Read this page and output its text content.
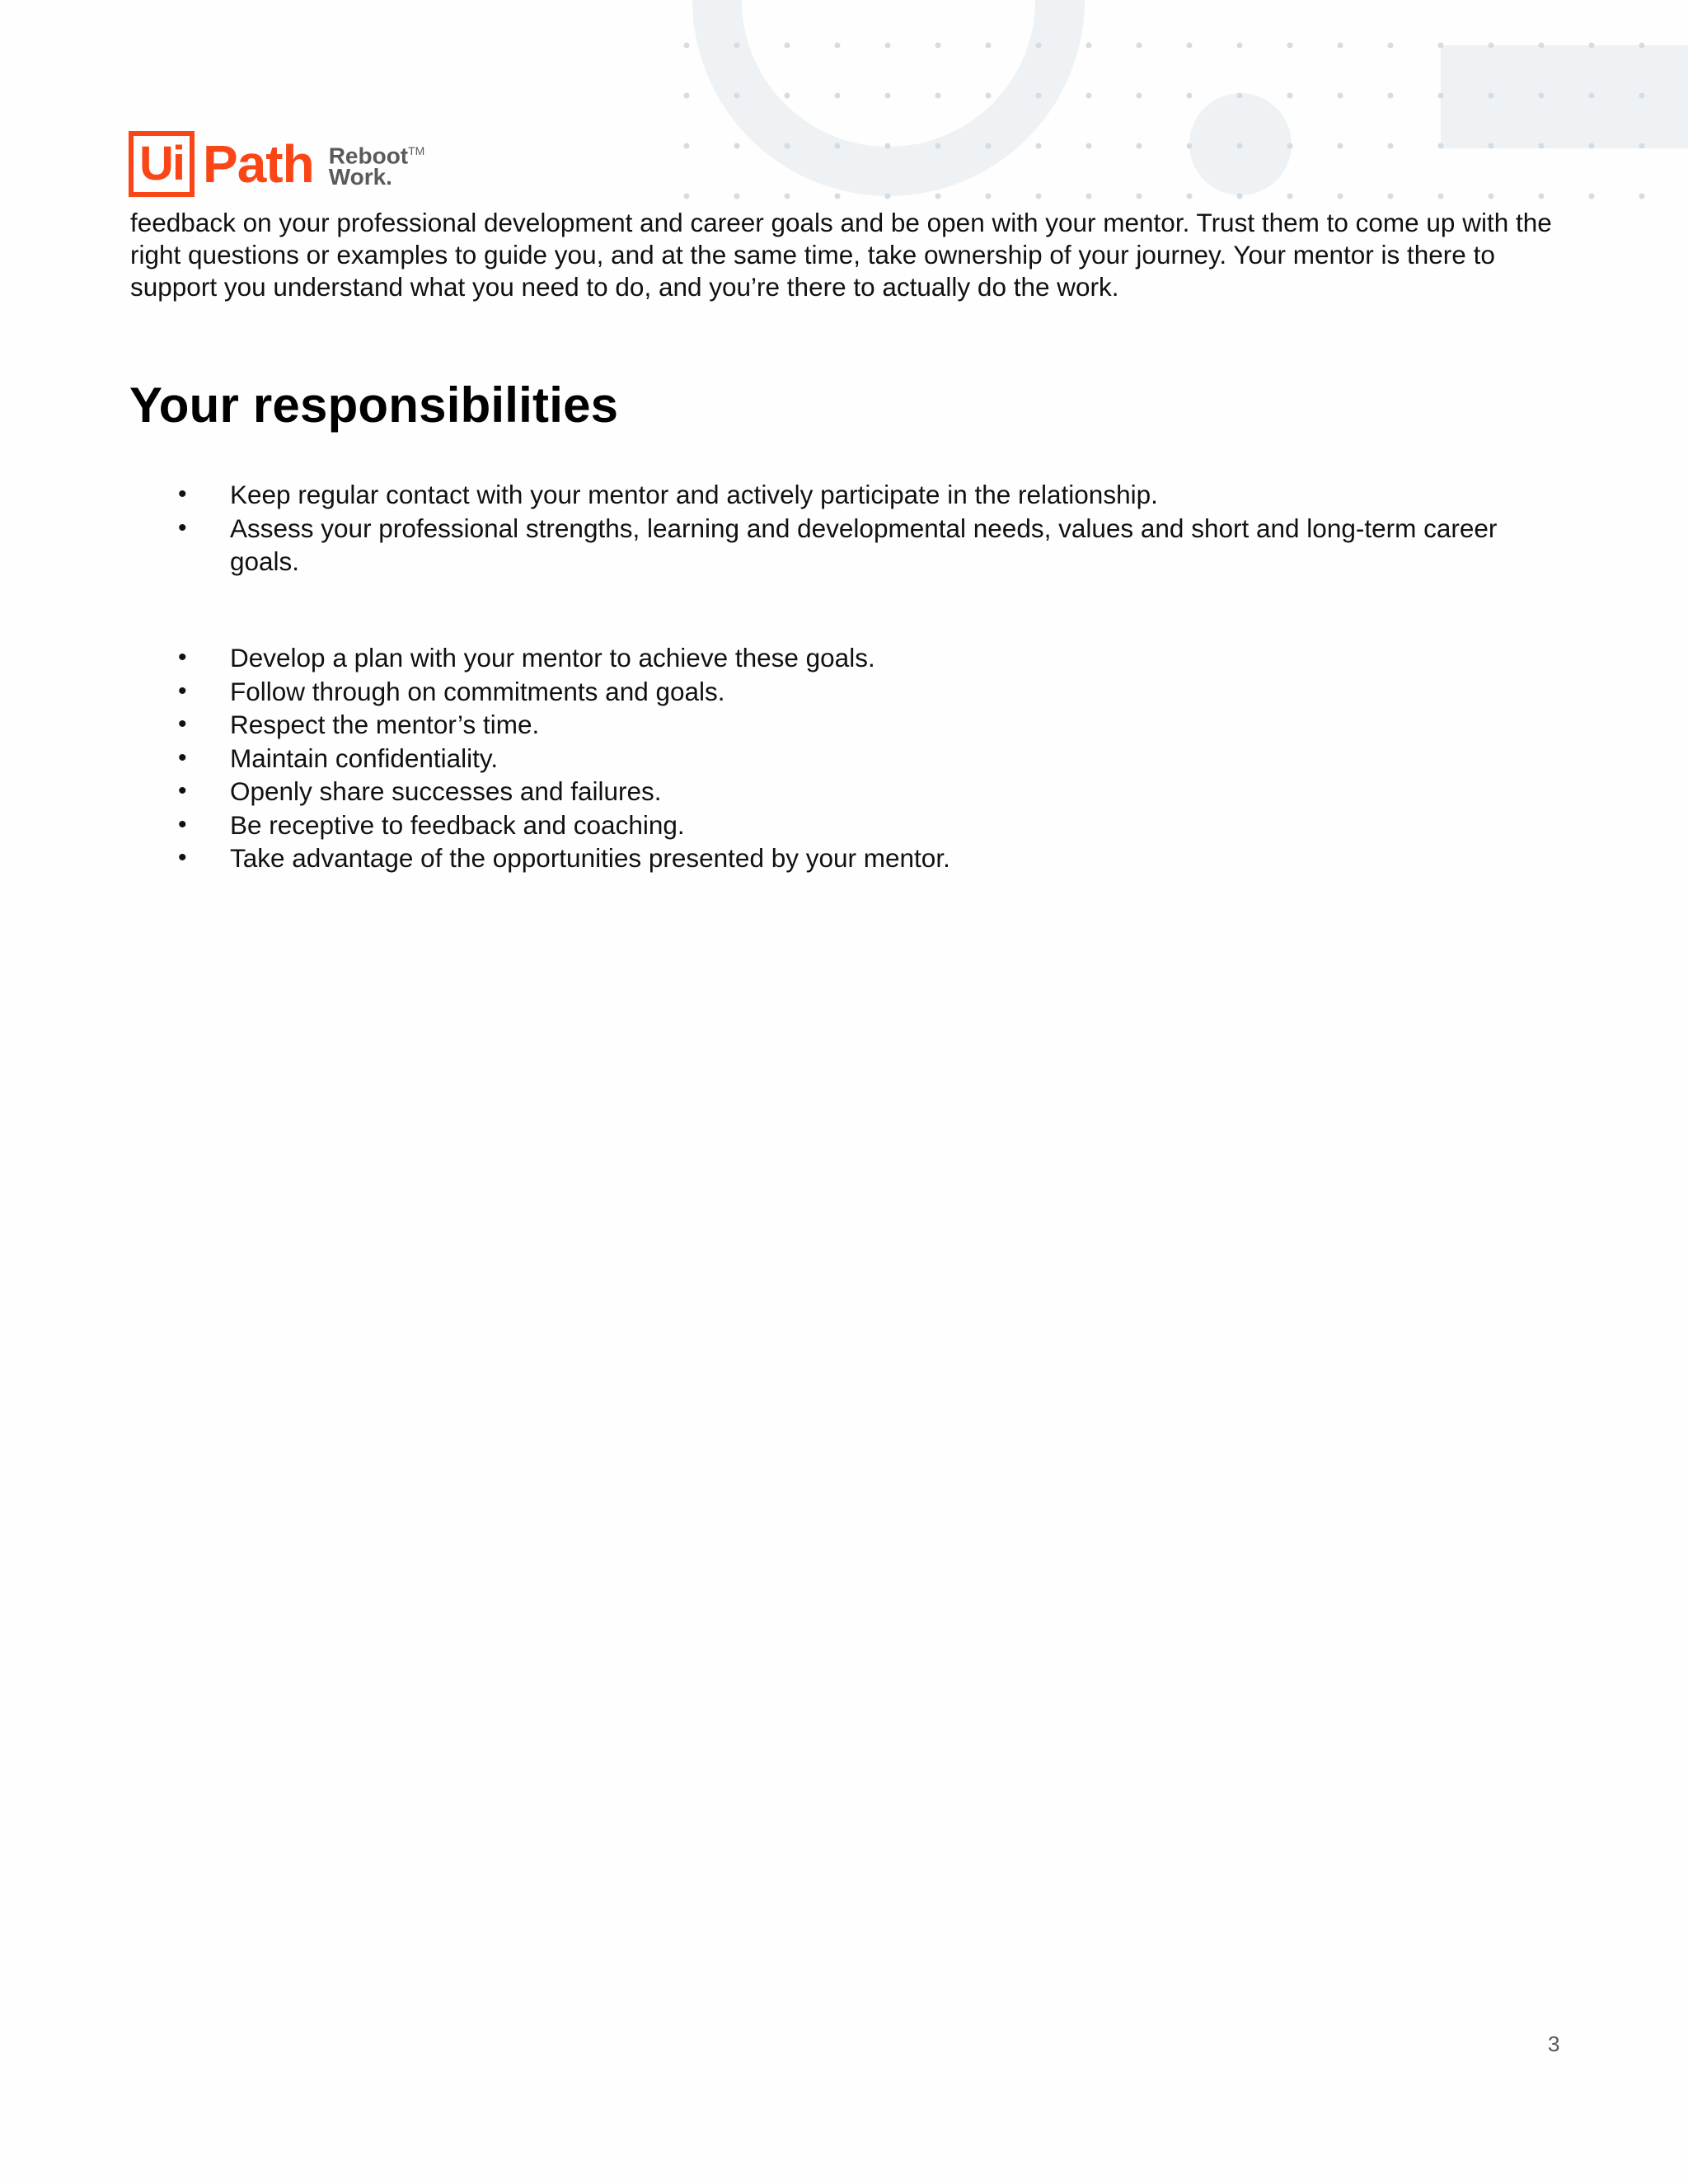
Ui Path Reboot™
Work.

feedback on your professional development and career goals and be open with your mentor. Trust them to come up with the right questions or examples to guide you, and at the same time, take ownership of your journey. Your mentor is there to support you understand what you need to do, and you’re there to actually do the work.

Your responsibilities
• Keep regular contact with your mentor and actively participate in the relationship.
• Assess your professional strengths, learning and developmental needs, values and short and long-term career goals.
• Develop a plan with your mentor to achieve these goals.
• Follow through on commitments and goals.
• Respect the mentor’s time.
• Maintain confidentiality.
• Openly share successes and failures.
• Be receptive to feedback and coaching.
• Take advantage of the opportunities presented by your mentor.
3
